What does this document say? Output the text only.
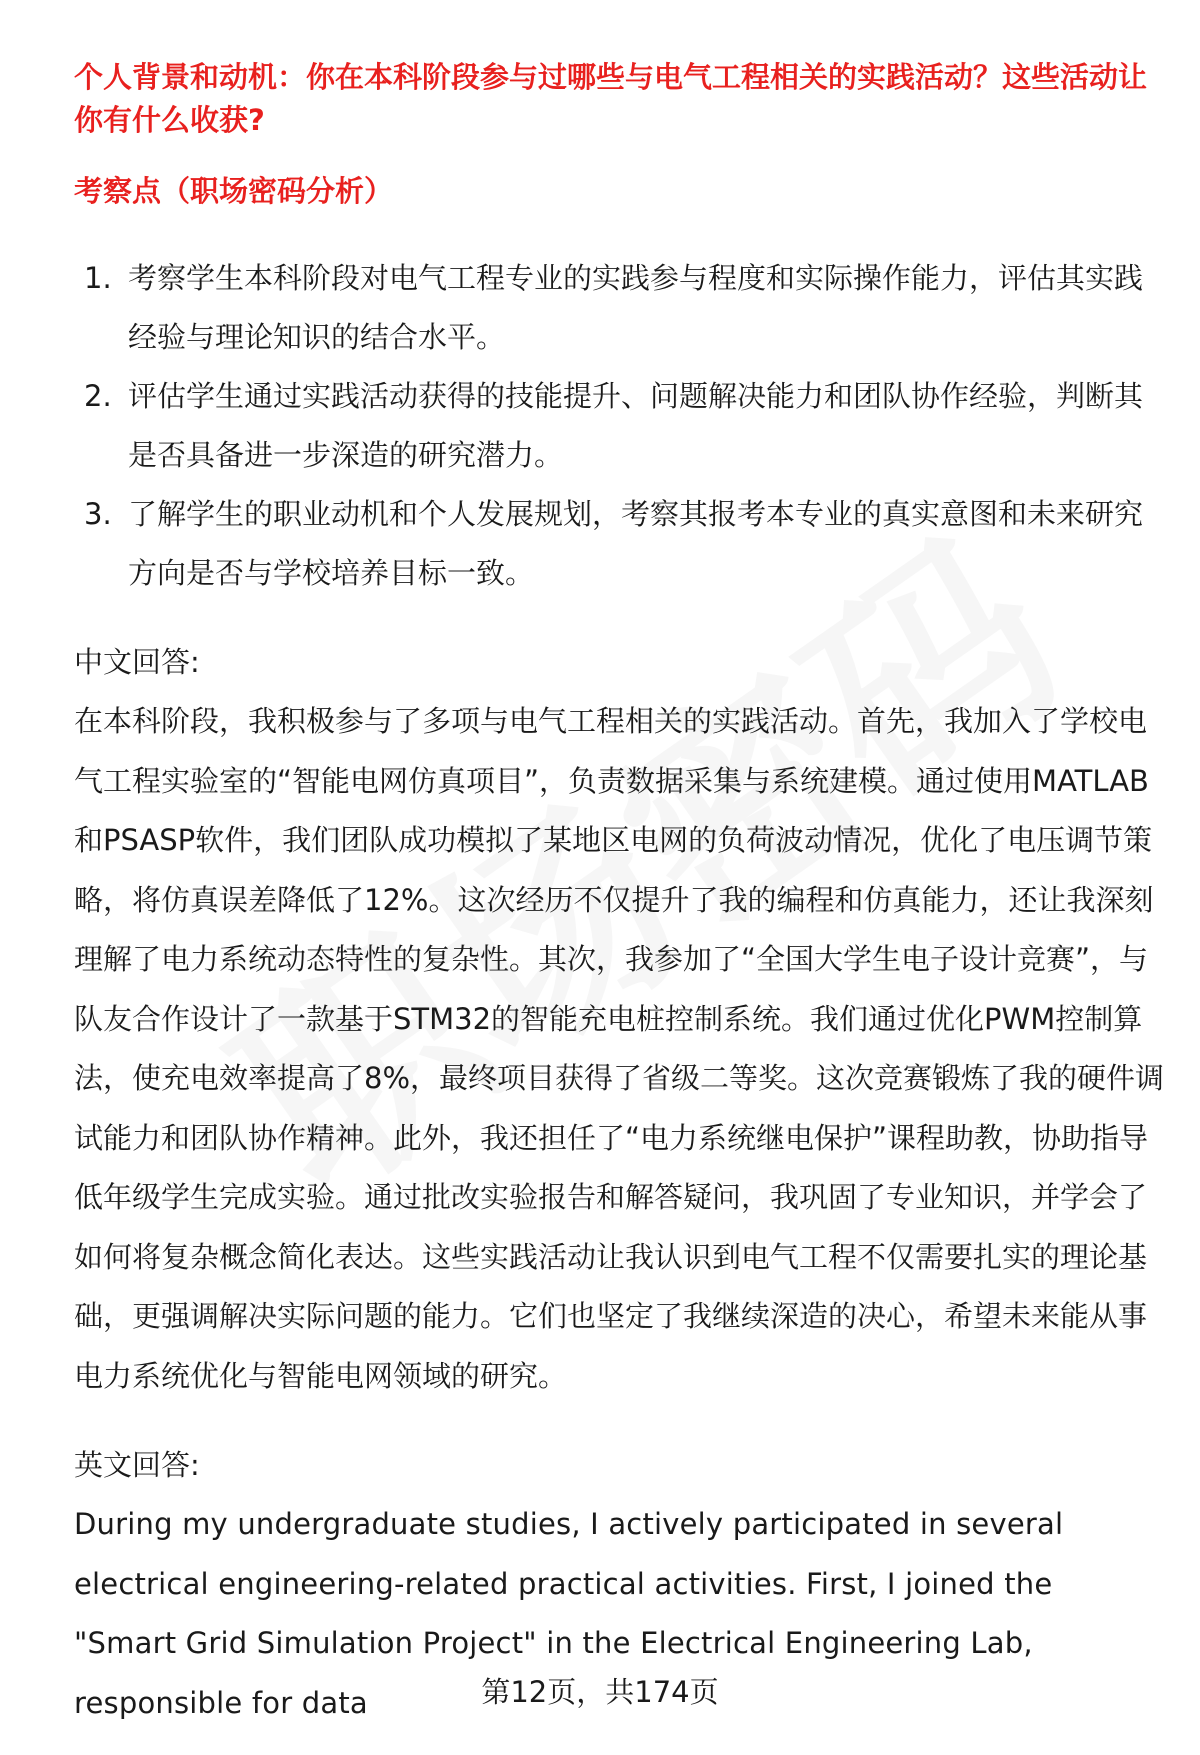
个人背景和动机：你在本科阶段参与过哪些与电气工程相关的实践活动？这些活动让你有什么收获?

考察点（职场密码分析）

1. 考察学生本科阶段对电气工程专业的实践参与程度和实际操作能力，评估其实践经验与理论知识的结合水平。
2. 评估学生通过实践活动获得的技能提升、问题解决能力和团队协作经验，判断其是否具备进一步深造的研究潜力。
3. 了解学生的职业动机和个人发展规划，考察其报考本专业的真实意图和未来研究方向是否与学校培养目标一致。

中文回答:

在本科阶段，我积极参与了多项与电气工程相关的实践活动。首先，我加入了学校电气工程实验室的“智能电网仿真项目”，负责数据采集与系统建模。通过使用MATLAB和PSASP软件，我们团队成功模拟了某地区电网的负荷波动情况，优化了电压调节策略，将仿真误差降低了12%。这次经历不仅提升了我的编程和仿真能力，还让我深刻理解了电力系统动态特性的复杂性。其次，我参加了“全国大学生电子设计竞赛”，与队友合作设计了一款基于STM32的智能充电桩控制系统。我们通过优化PWM控制算法，使充电效率提高了8%，最终项目获得了省级二等奖。这次竞赛锻炼了我的硬件调试能力和团队协作精神。此外，我还担任了“电力系统继电保护”课程助教，协助指导低年级学生完成实验。通过批改实验报告和解答疑问，我巩固了专业知识，并学会了如何将复杂概念简化表达。这些实践活动让我认识到电气工程不仅需要扎实的理论基础，更强调解决实际问题的能力。它们也坚定了我继续深造的决心，希望未来能从事电力系统优化与智能电网领域的研究。

英文回答:

During my undergraduate studies, I actively participated in several electrical engineering-related practical activities. First, I joined the "Smart Grid Simulation Project" in the Electrical Engineering Lab, responsible for data	第12页，共174页
